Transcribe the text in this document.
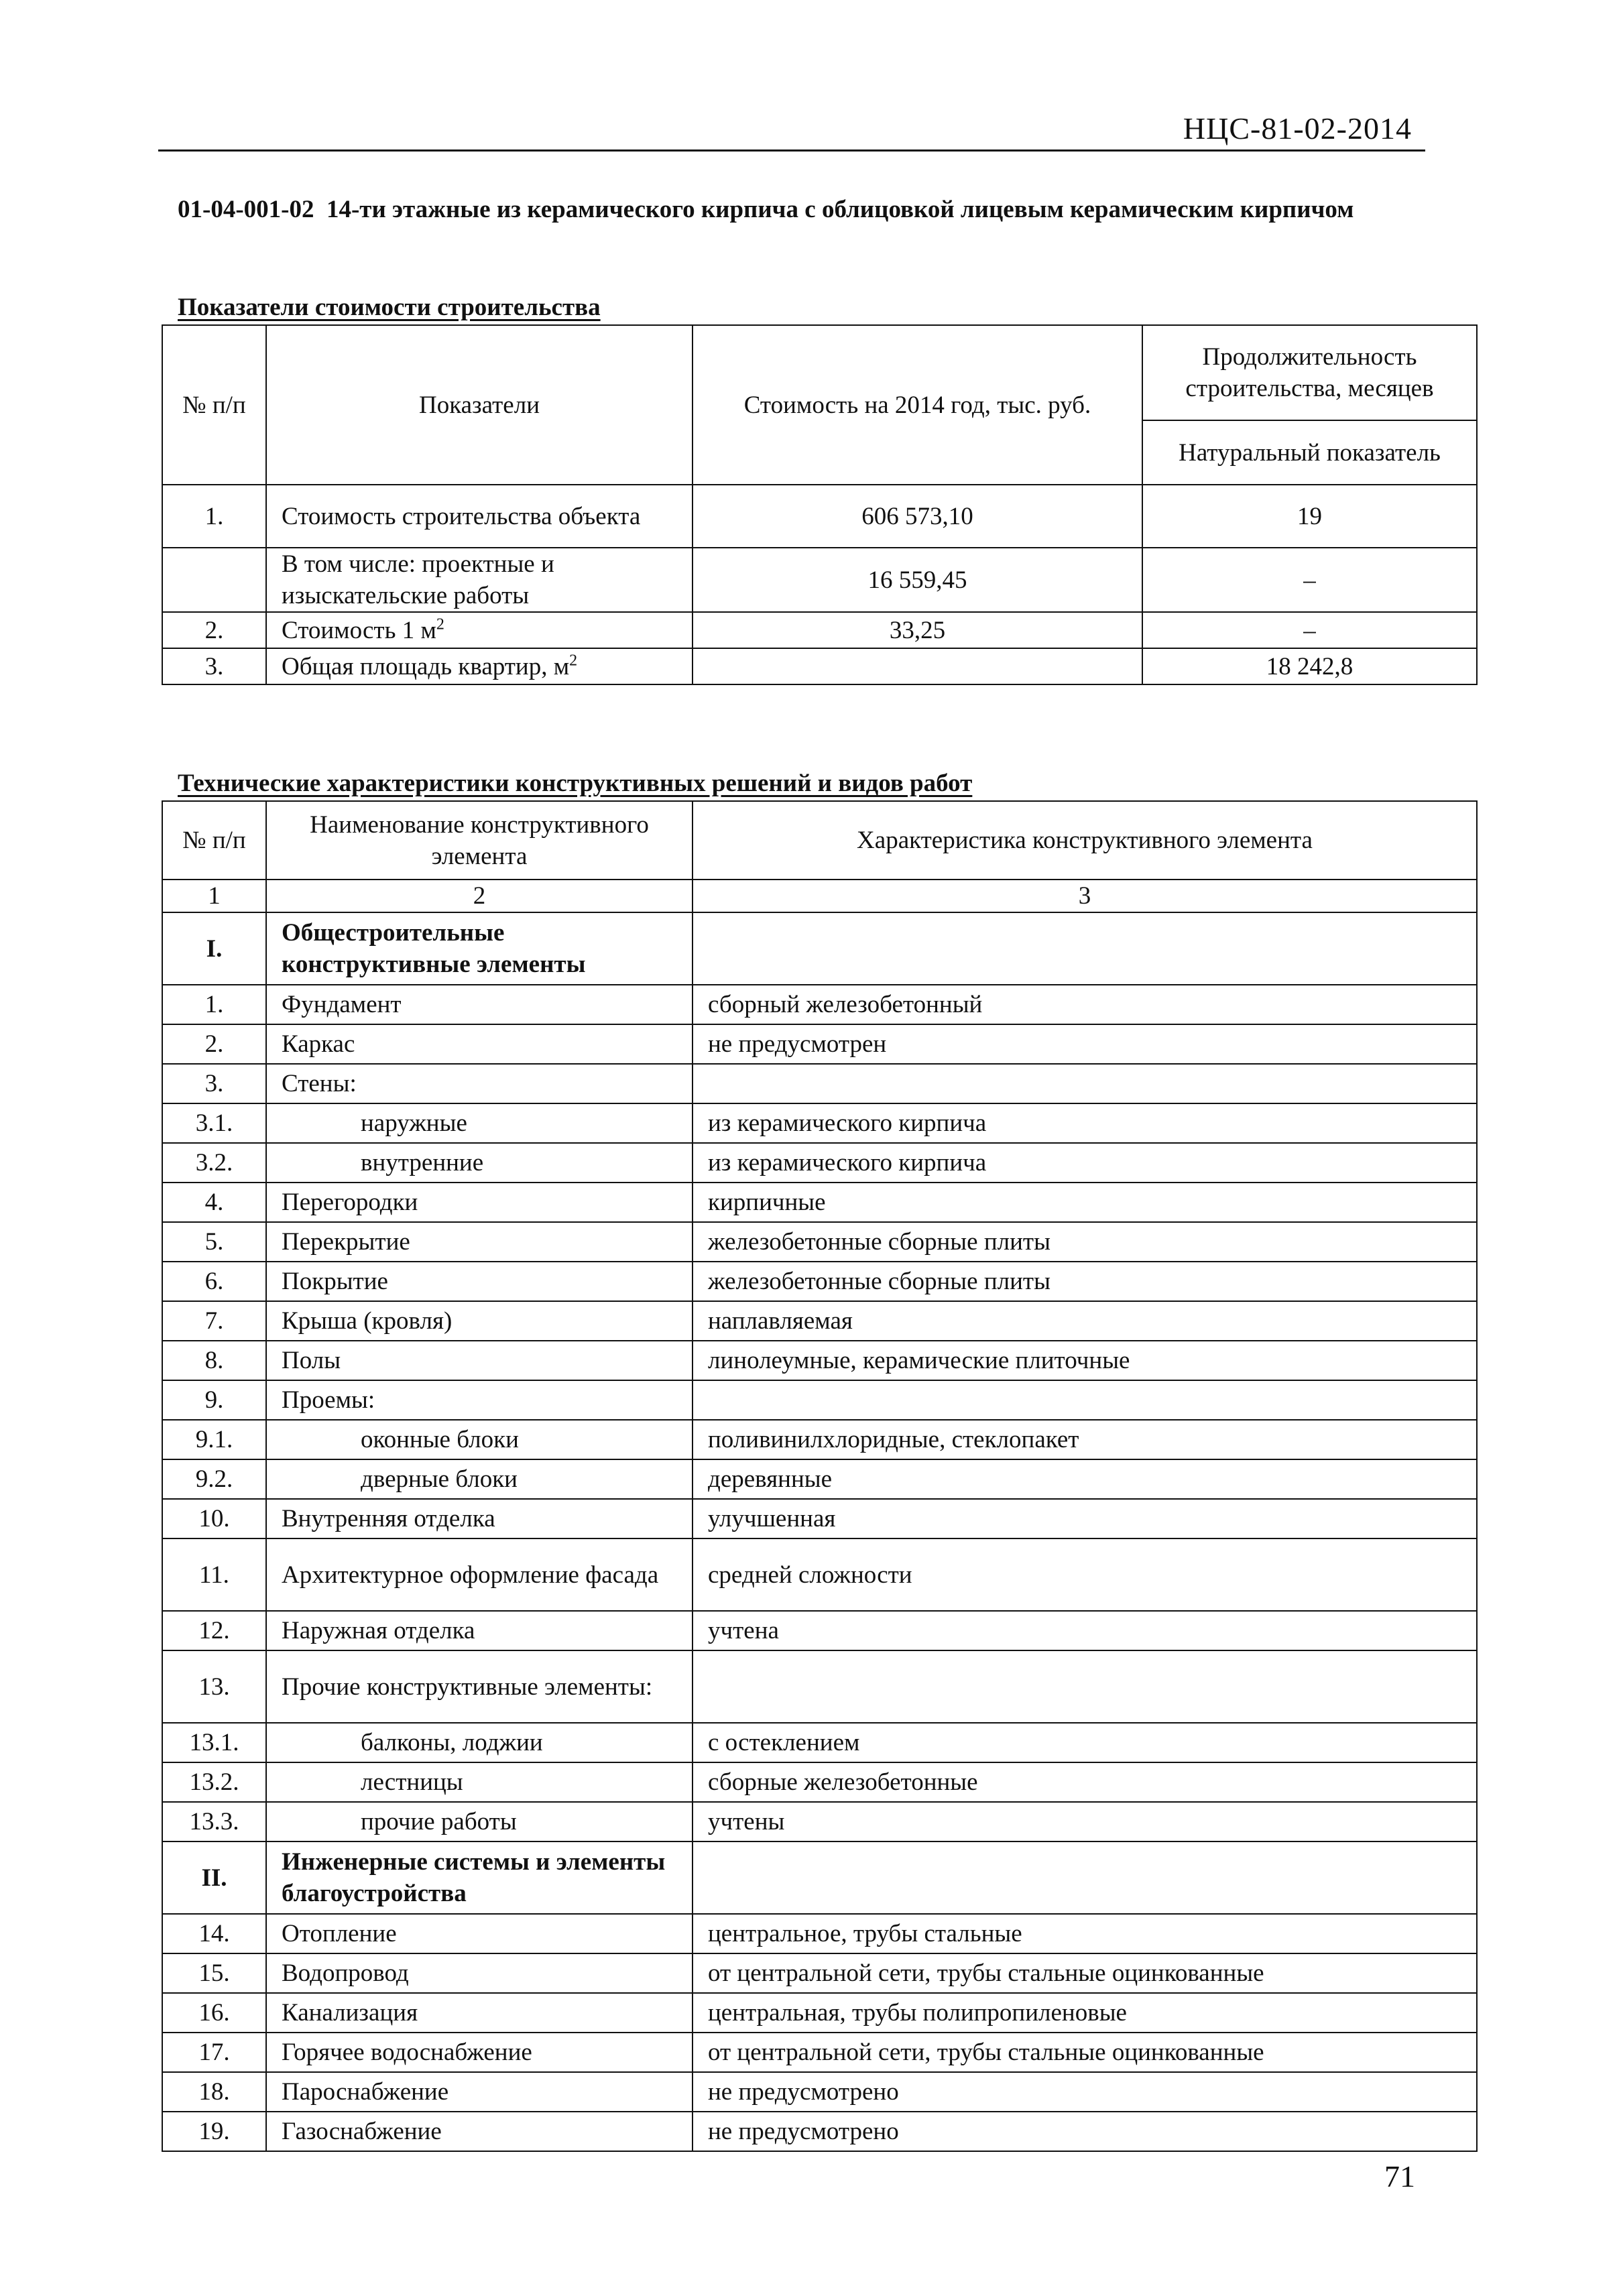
НЦС-81-02-2014
01-04-001-02 14-ти этажные из керамического кирпича с облицовкой лицевым керамическим кирпичом
Показатели стоимости строительства
№ п/п	Показатели	Стоимость на 2014 год, тыс. руб.	Продолжительность строительства, месяцев
			Натуральный показатель
1.	Стоимость строительства объекта	606 573,10	19
	В том числе: проектные и изыскательские работы	16 559,45	–
2.	Стоимость 1 $м^2$	33,25	–
3.	Общая площадь квартир, $м^2$		18 242,8
Технические характеристики конструктивных решений и видов работ
№ п/п	Наименование конструктивного элемента	Характеристика конструктивного элемента
1	2	3
I.	Общестроительные конструктивные элементы	
1.	Фундамент	сборный железобетонный
2.	Каркас	не предусмотрен
3.	Стены:	
3.1.	наружные	из керамического кирпича
3.2.	внутренние	из керамического кирпича
4.	Перегородки	кирпичные
5.	Перекрытие	железобетонные сборные плиты
6.	Покрытие	железобетонные сборные плиты
7.	Крыша (кровля)	наплавляемая
8.	Полы	линолеумные, керамические плиточные
9.	Проемы:	
9.1.	оконные блоки	поливинилхлоридные, стеклопакет
9.2.	дверные блоки	деревянные
10.	Внутренняя отделка	улучшенная
11.	Архитектурное оформление фасада	средней сложности
12.	Наружная отделка	учтена
13.	Прочие конструктивные элементы:	
13.1.	балконы, лоджии	с остеклением
13.2.	лестницы	сборные железобетонные
13.3.	прочие работы	учтены
II.	Инженерные системы и элементы благоустройства	
14.	Отопление	центральное, трубы стальные
15.	Водопровод	от центральной сети, трубы стальные оцинкованные
16.	Канализация	центральная, трубы полипропиленовые
17.	Горячее водоснабжение	от центральной сети, трубы стальные оцинкованные
18.	Пароснабжение	не предусмотрено
19.	Газоснабжение	не предусмотрено
71
